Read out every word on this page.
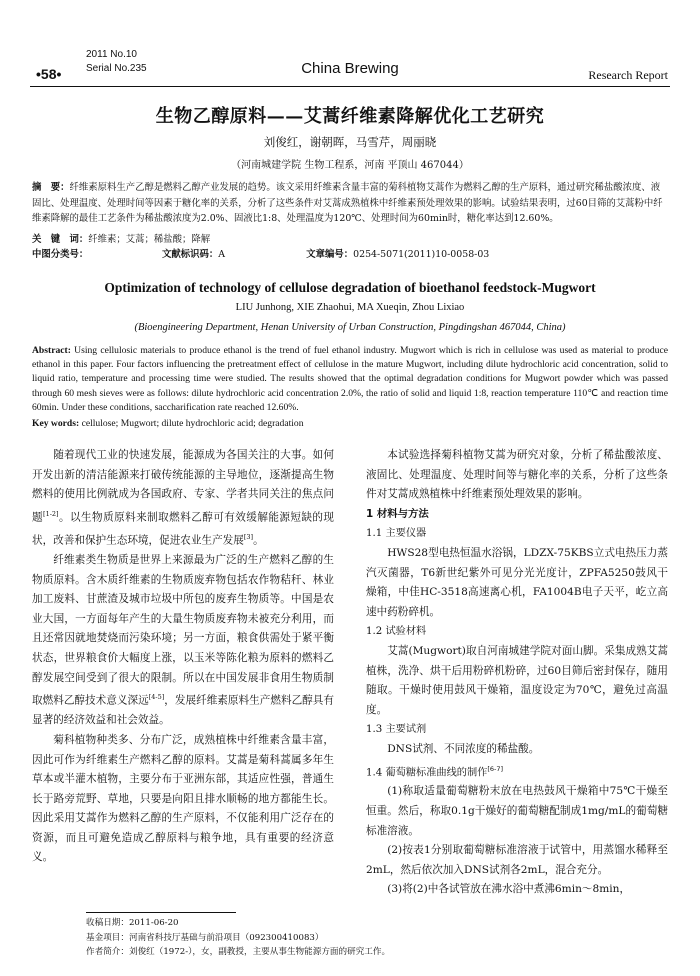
•58•
2011 No.10
Serial No.235	China Brewing	Research Report
生物乙醇原料——艾蒿纤维素降解优化工艺研究
刘俊红，谢朝晖，马雪芹，周丽晓
（河南城建学院 生物工程系，河南 平顶山 467044）
摘　要：纤维素原料生产乙醇是燃料乙醇产业发展的趋势。该文采用纤维素含量丰富的菊科植物艾蒿作为燃料乙醇的生产原料，通过研究稀盐酸浓度、液固比、处理温度、处理时间等因素于糖化率的关系，分析了这些条件对艾蒿成熟植株中纤维素预处理效果的影响。试验结果表明，过60目筛的艾蒿粉中纤维素降解的最佳工艺条件为稀盐酸浓度为2.0%、固液比1:8、处理温度为120℃、处理时间为60min时，糖化率达到12.60%。
关　键　词：纤维素；艾蒿；稀盐酸；降解
中图分类号：	文献标识码：A	文章编号：0254-5071(2011)10-0058-03
Optimization of technology of cellulose degradation of bioethanol feedstock-Mugwort
LIU Junhong, XIE Zhaohui, MA Xueqin, Zhou Lixiao
(Bioengineering Department, Henan University of Urban Construction, Pingdingshan 467044, China)
Abstract: Using cellulosic materials to produce ethanol is the trend of fuel ethanol industry. Mugwort which is rich in cellulose was used as material to produce ethanol in this paper. Four factors influencing the pretreatment effect of cellulose in the mature Mugwort, including dilute hydrochloric acid concentration, solid to liquid ratio, temperature and processing time were studied. The results showed that the optimal degradation conditions for Mugwort powder which was passed through 60 mesh sieves were as follows: dilute hydrochloric acid concentration 2.0%, the ratio of solid and liquid 1:8, reaction temperature 110℃ and reaction time 60min. Under these conditions, saccharification rate reached 12.60%.
Key words: cellulose; Mugwort; dilute hydrochloric acid; degradation

随着现代工业的快速发展，能源成为各国关注的大事。如何开发出新的清洁能源来打破传统能源的主导地位，逐渐提高生物燃料的使用比例就成为各国政府、专家、学者共同关注的焦点问题[1-2]。以生物质原料来制取燃料乙醇可有效缓解能源短缺的现状，改善和保护生态环境，促进农业生产发展[3]。

纤维素类生物质是世界上来源最为广泛的生产燃料乙醇的生物质原料。含木质纤维素的生物质废弃物包括农作物秸秆、林业加工废料、甘蔗渣及城市垃圾中所包的废弃生物质等。中国是农业大国，一方面每年产生的大量生物质废弃物未被充分利用，而且还常因就地焚烧而污染环境；另一方面，粮食供需处于紧平衡状态，世界粮食价大幅度上涨，以玉米等陈化粮为原料的燃料乙醇发展空间受到了很大的限制。所以在中国发展非食用生物质制取燃料乙醇技术意义深远[4-5]，发展纤维素原料生产燃料乙醇具有显著的经济效益和社会效益。

菊科植物种类多、分布广泛，成熟植株中纤维素含量丰富，因此可作为纤维素生产燃料乙醇的原料。艾蒿是菊科蒿属多年生草本或半灌木植物，主要分布于亚洲东部，其适应性强，普通生长于路旁荒野、草地，只要是向阳且排水顺畅的地方都能生长。因此采用艾蒿作为燃料乙醇的生产原料，不仅能利用广泛存在的资源，而且可避免造成乙醇原料与粮争地，具有重要的经济意义。

本试验选择菊科植物艾蒿为研究对象，分析了稀盐酸浓度、液固比、处理温度、处理时间等与糖化率的关系，分析了这些条件对艾蒿成熟植株中纤维素预处理效果的影响。

1 材料与方法

1.1 主要仪器

HWS28型电热恒温水浴锅，LDZX-75KBS立式电热压力蒸汽灭菌器，T6新世纪紫外可见分光光度计，ZPFA5250鼓风干燥箱，中佳HC-3518高速离心机，FA1004B电子天平，屹立高速中药粉碎机。

1.2 试验材料

艾蒿(Mugwort)取自河南城建学院对面山脚。采集成熟艾蒿植株，洗净、烘干后用粉碎机粉碎，过60目筛后密封保存，随用随取。干燥时使用鼓风干燥箱，温度设定为70℃，避免过高温度。

1.3 主要试剂

DNS试剂、不同浓度的稀盐酸。

1.4 葡萄糖标准曲线的制作[6-7]

(1)称取适量葡萄糖粉末放在电热鼓风干燥箱中75℃干燥至恒重。然后，称取0.1g干燥好的葡萄糖配制成1mg/mL的葡萄糖标准溶液。

(2)按表1分别取葡萄糖标准溶液于试管中，用蒸馏水稀释至2mL，然后依次加入DNS试剂各2mL，混合充分。

(3)将(2)中各试管放在沸水浴中煮沸6min～8min，

收稿日期：2011-06-20
基金项目：河南省科技厅基础与前沿项目（092300410083）
作者简介：刘俊红（1972-），女，副教授，主要从事生物能源方面的研究工作。
